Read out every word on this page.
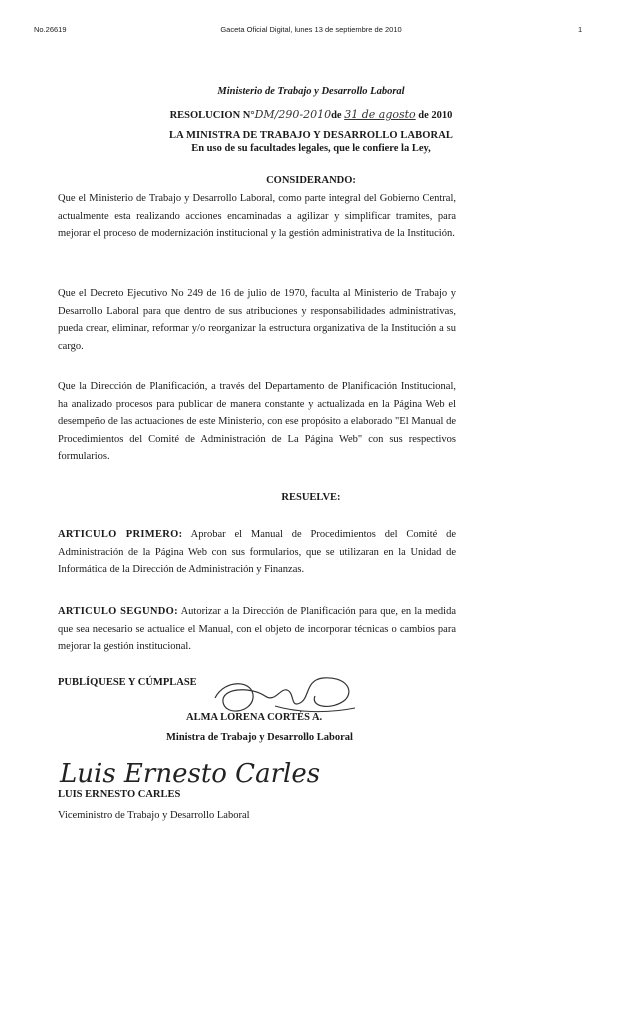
No.26619	Gaceta Oficial Digital, lunes 13 de septiembre de 2010	1
Ministerio de Trabajo y Desarrollo Laboral
RESOLUCION N°DM/290-2010de 31 de agosto de 2010
LA MINISTRA DE TRABAJO Y DESARROLLO LABORAL
En uso de su facultades legales, que le confiere la Ley,
CONSIDERANDO:
Que el Ministerio de Trabajo y Desarrollo Laboral, como parte integral del Gobierno Central, actualmente esta realizando acciones encaminadas a agilizar y simplificar tramites, para mejorar el proceso de modernización institucional y la gestión administrativa de la Institución.
Que el Decreto Ejecutivo No 249 de 16 de julio de 1970, faculta al Ministerio de Trabajo y Desarrollo Laboral para que dentro de sus atribuciones y responsabilidades administrativas, pueda crear, eliminar, reformar y/o reorganizar la estructura organizativa de la Institución a su cargo.
Que la Dirección de Planificación, a través del Departamento de Planificación Institucional, ha analizado procesos para publicar de manera constante y actualizada en la Página Web el desempeño de las actuaciones de este Ministerio, con ese propósito a elaborado "El Manual de Procedimientos del Comité de Administración de La Página Web" con sus respectivos formularios.
RESUELVE:
ARTICULO PRIMERO: Aprobar el Manual de Procedimientos del Comité de Administración de la Página Web con sus formularios, que se utilizaran en la Unidad de Informática de la Dirección de Administración y Finanzas.
ARTICULO SEGUNDO: Autorizar a la Dirección de Planificación para que, en la medida que sea necesario se actualice el Manual, con el objeto de incorporar técnicas o cambios para mejorar la gestión institucional.
PUBLÍQUESE Y CÚMPLASE
ALMA LORENA CORTÉS A.
Ministra de Trabajo y Desarrollo Laboral
Luis Ernesto Carles
LUIS ERNESTO CARLES
Viceministro de Trabajo y Desarrollo Laboral
